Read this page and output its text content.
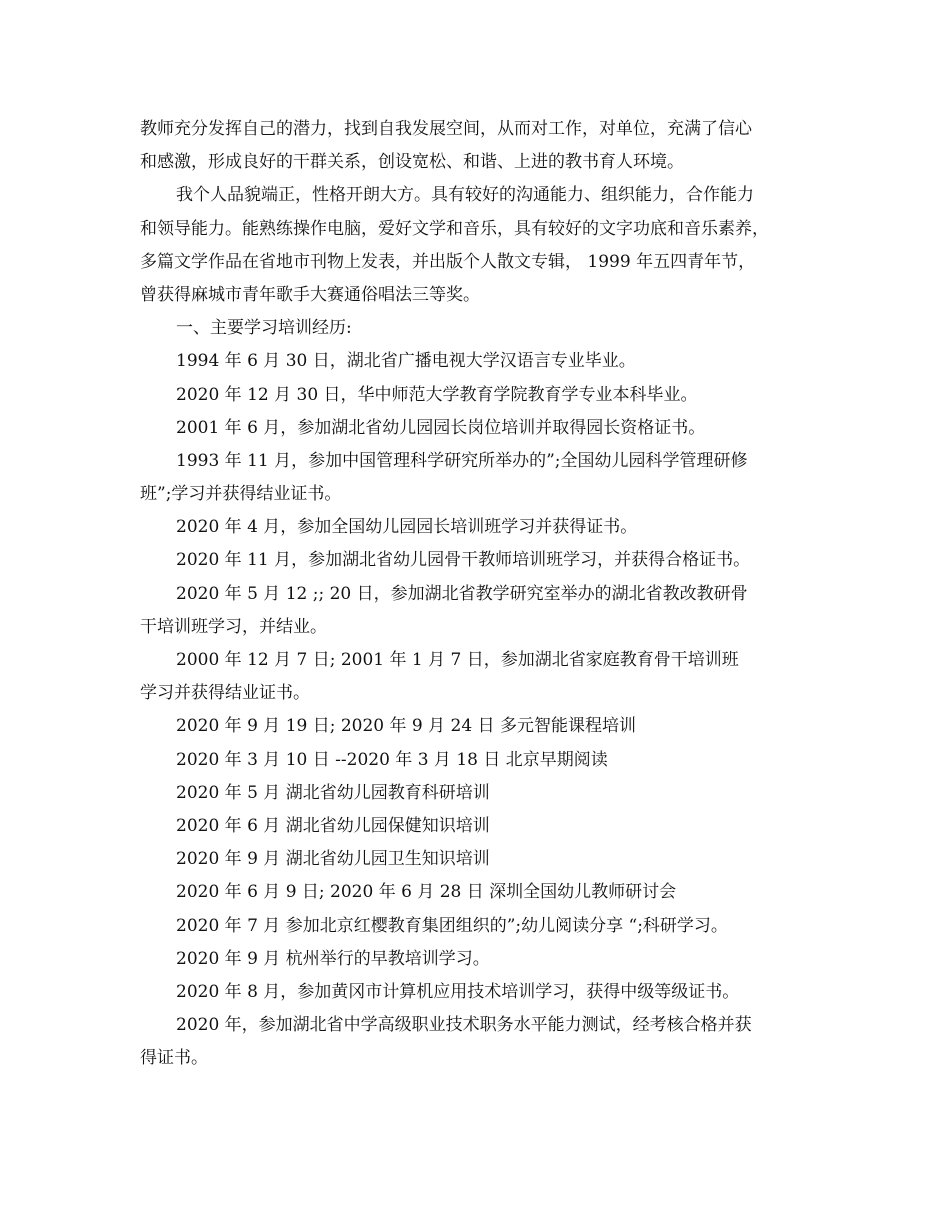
教师充分发挥自己的潜力，找到自我发展空间，从而对工作，对单位，充满了信心

和感激，形成良好的干群关系，创设宽松、和谐、上进的教书育人环境。

我个人品貌端正，性格开朗大方。具有较好的沟通能力、组织能力，合作能力

和领导能力。能熟练操作电脑，爱好文学和音乐，具有较好的文字功底和音乐素养，

多篇文学作品在省地市刊物上发表，并出版个人散文专辑， 1999 年五四青年节，

曾获得麻城市青年歌手大赛通俗唱法三等奖。

一、主要学习培训经历:

1994 年 6 月 30 日，湖北省广播电视大学汉语言专业毕业。

2020 年 12 月 30 日，华中师范大学教育学院教育学专业本科毕业。

2001 年 6 月，参加湖北省幼儿园园长岗位培训并取得园长资格证书。

1993 年 11 月，参加中国管理科学研究所举办的”;全国幼儿园科学管理研修

班”;学习并获得结业证书。

2020 年 4 月，参加全国幼儿园园长培训班学习并获得证书。

2020 年 11 月，参加湖北省幼儿园骨干教师培训班学习，并获得合格证书。

2020 年 5 月 12 ;; 20 日，参加湖北省教学研究室举办的湖北省教改教研骨

干培训班学习，并结业。

2000 年 12 月 7 日; 2001 年 1 月 7 日，参加湖北省家庭教育骨干培训班

学习并获得结业证书。

2020 年 9 月 19 日; 2020 年 9 月 24 日 多元智能课程培训

2020 年 3 月 10 日 --2020 年 3 月 18 日 北京早期阅读

2020 年 5 月 湖北省幼儿园教育科研培训

2020 年 6 月 湖北省幼儿园保健知识培训

2020 年 9 月 湖北省幼儿园卫生知识培训

2020 年 6 月 9 日; 2020 年 6 月 28 日 深圳全国幼儿教师研讨会

2020 年 7 月 参加北京红樱教育集团组织的”;幼儿阅读分享 “;科研学习。

2020 年 9 月 杭州举行的早教培训学习。

2020 年 8 月，参加黄冈市计算机应用技术培训学习，获得中级等级证书。

2020 年，参加湖北省中学高级职业技术职务水平能力测试，经考核合格并获

得证书。
